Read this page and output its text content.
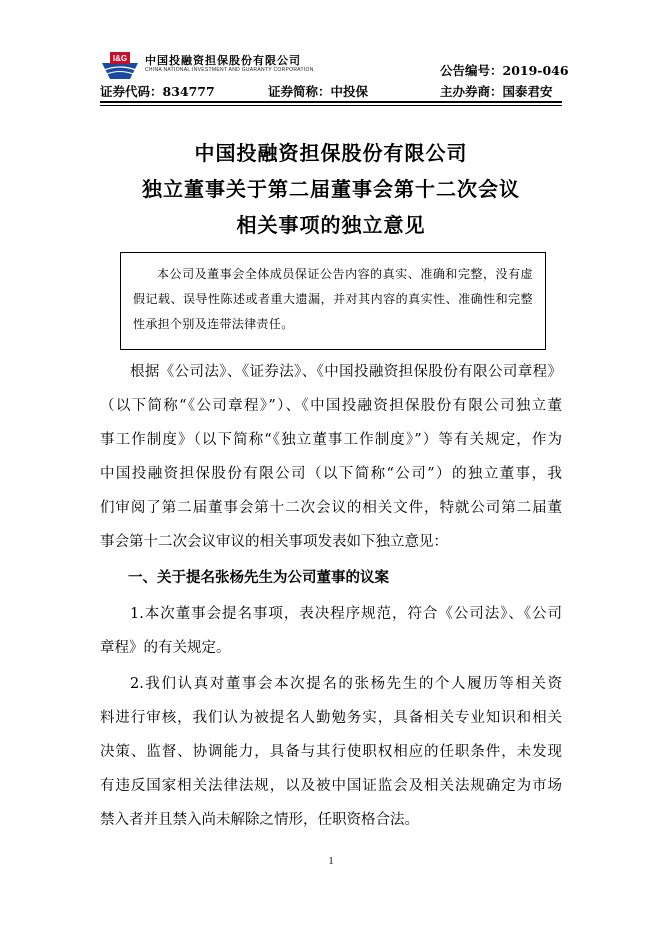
I&G 中国投融资担保股份有限公司
CHINA NATIONAL INVESTMENT AND GUARANTY CORPORATION	公告编号：2019-046
证券代码：834777	证券简称：中投保	主办券商：国泰君安
中国投融资担保股份有限公司
独立董事关于第二届董事会第十二次会议
相关事项的独立意见
本公司及董事会全体成员保证公告内容的真实、准确和完整，没有虚假记载、误导性陈述或者重大遗漏，并对其内容的真实性、准确性和完整性承担个别及连带法律责任。
根据《公司法》、《证券法》、《中国投融资担保股份有限公司章程》
（以下简称“《公司章程》”）、《中国投融资担保股份有限公司独立董
事工作制度》（以下简称“《独立董事工作制度》”）等有关规定，作为
中国投融资担保股份有限公司（以下简称“公司”）的独立董事，我
们审阅了第二届董事会第十二次会议的相关文件，特就公司第二届董
事会第十二次会议审议的相关事项发表如下独立意见：
一、关于提名张杨先生为公司董事的议案
1.本次董事会提名事项，表决程序规范，符合《公司法》、《公司
章程》的有关规定。
2.我们认真对董事会本次提名的张杨先生的个人履历等相关资
料进行审核，我们认为被提名人勤勉务实，具备相关专业知识和相关
决策、监督、协调能力，具备与其行使职权相应的任职条件，未发现
有违反国家相关法律法规，以及被中国证监会及相关法规确定为市场
禁入者并且禁入尚未解除之情形，任职资格合法。
1
